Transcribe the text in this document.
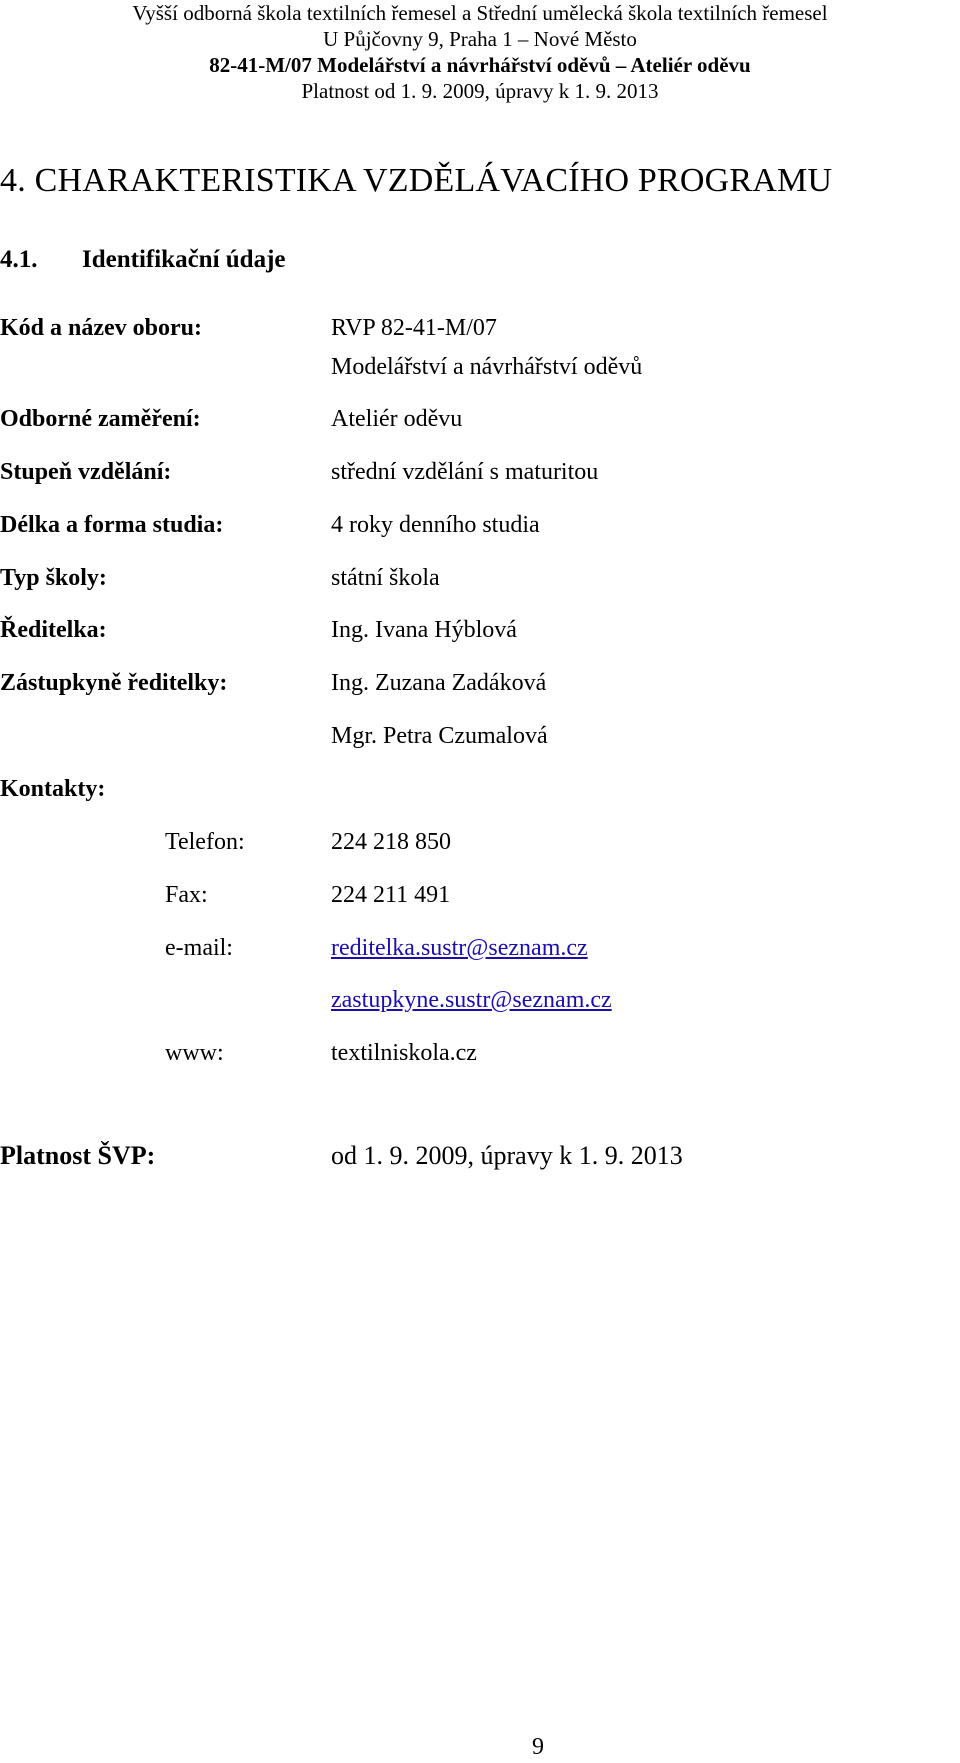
Vyšší odborná škola textilních řemesel a Střední umělecká škola textilních řemesel
U Půjčovny 9, Praha 1 – Nové Město
82-41-M/07 Modelářství a návrhářství oděvů – Ateliér oděvu
Platnost od 1. 9. 2009, úpravy k 1. 9. 2013
4. CHARAKTERISTIKA VZDĚLÁVACÍHO PROGRAMU
4.1. Identifikační údaje
Kód a název oboru:	RVP 82-41-M/07
Modelářství a návrhářství oděvů
Odborné zaměření:	Ateliér oděvu
Stupeň vzdělání:	střední vzdělání s maturitou
Délka a forma studia:	4 roky denního studia
Typ školy:	státní škola
Ředitelka:	Ing. Ivana Hýblová
Zástupkyně ředitelky:	Ing. Zuzana Zadáková
Mgr. Petra Czumalová
Kontakty:
Telefon:	224 218 850
Fax:	224 211 491
e-mail:	reditelka.sustr@seznam.cz
zastupkyne.sustr@seznam.cz
www:	textilniskola.cz
Platnost ŠVP:	od 1. 9. 2009, úpravy k 1. 9. 2013
9
